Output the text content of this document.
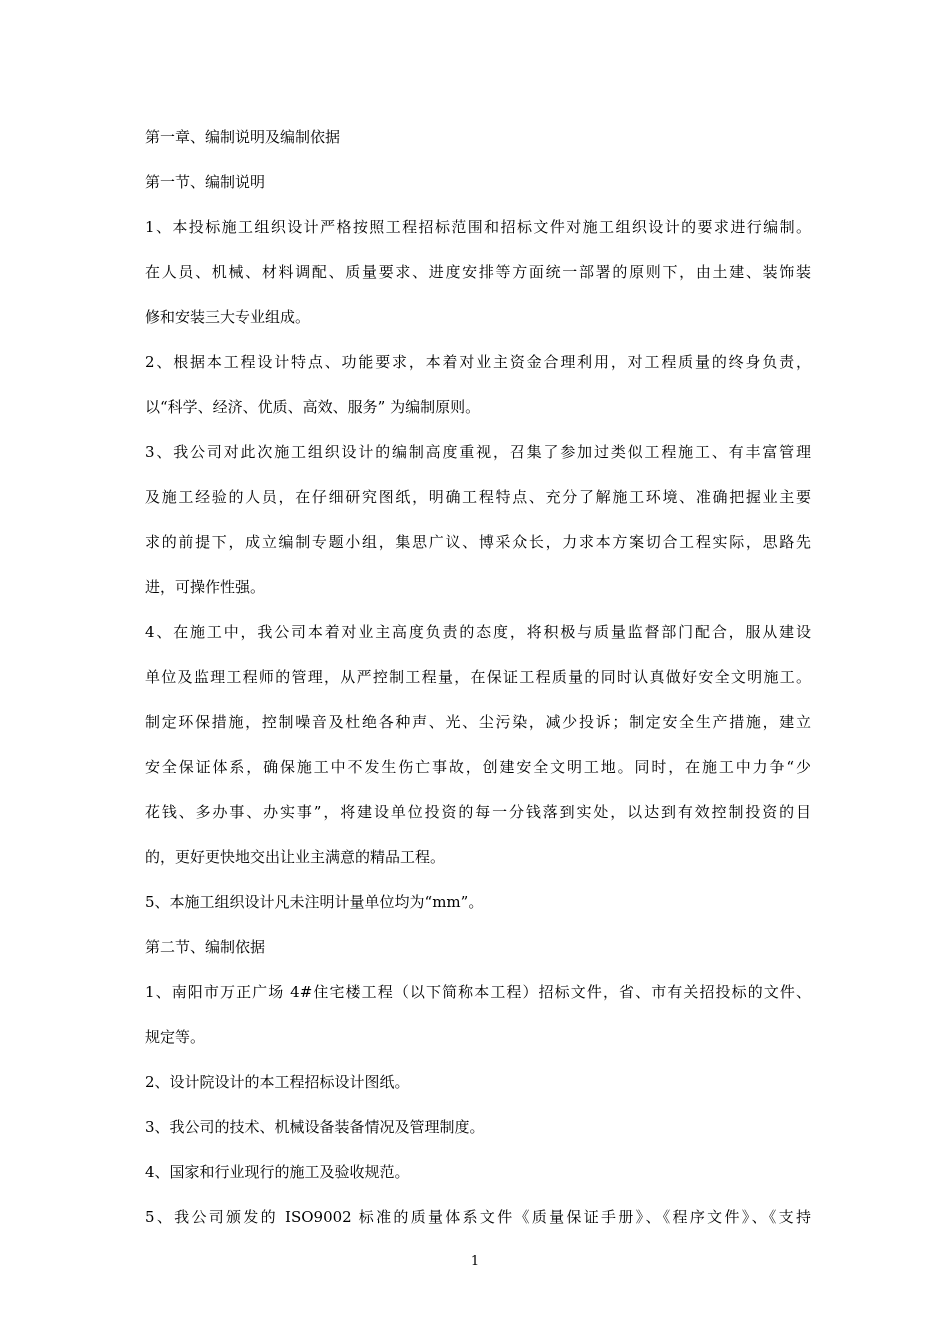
第一章、编制说明及编制依据
第一节、编制说明
1、本投标施工组织设计严格按照工程招标范围和招标文件对施工组织设计的要求进行编制。
在人员、机械、材料调配、质量要求、进度安排等方面统一部署的原则下，由土建、装饰装
修和安装三大专业组成。
2、根据本工程设计特点、功能要求，本着对业主资金合理利用，对工程质量的终身负责，
以“科学、经济、优质、高效、服务” 为编制原则。
3、我公司对此次施工组织设计的编制高度重视，召集了参加过类似工程施工、有丰富管理
及施工经验的人员，在仔细研究图纸，明确工程特点、充分了解施工环境、准确把握业主要
求的前提下，成立编制专题小组，集思广议、博采众长，力求本方案切合工程实际，思路先
进，可操作性强。
4、在施工中，我公司本着对业主高度负责的态度，将积极与质量监督部门配合，服从建设
单位及监理工程师的管理，从严控制工程量，在保证工程质量的同时认真做好安全文明施工。
制定环保措施，控制噪音及杜绝各种声、光、尘污染，减少投诉；制定安全生产措施，建立
安全保证体系，确保施工中不发生伤亡事故，创建安全文明工地。同时，在施工中力争“少
花钱、多办事、办实事”，将建设单位投资的每一分钱落到实处，以达到有效控制投资的目
的，更好更快地交出让业主满意的精品工程。
5、本施工组织设计凡未注明计量单位均为“mm”。
第二节、编制依据
1、南阳市万正广场 4#住宅楼工程（以下简称本工程）招标文件，省、市有关招投标的文件、
规定等。
2、设计院设计的本工程招标设计图纸。
3、我公司的技术、机械设备装备情况及管理制度。
4、国家和行业现行的施工及验收规范。
5、我公司颁发的 ISO9002 标准的质量体系文件《质量保证手册》、《程序文件》、《支持
1
